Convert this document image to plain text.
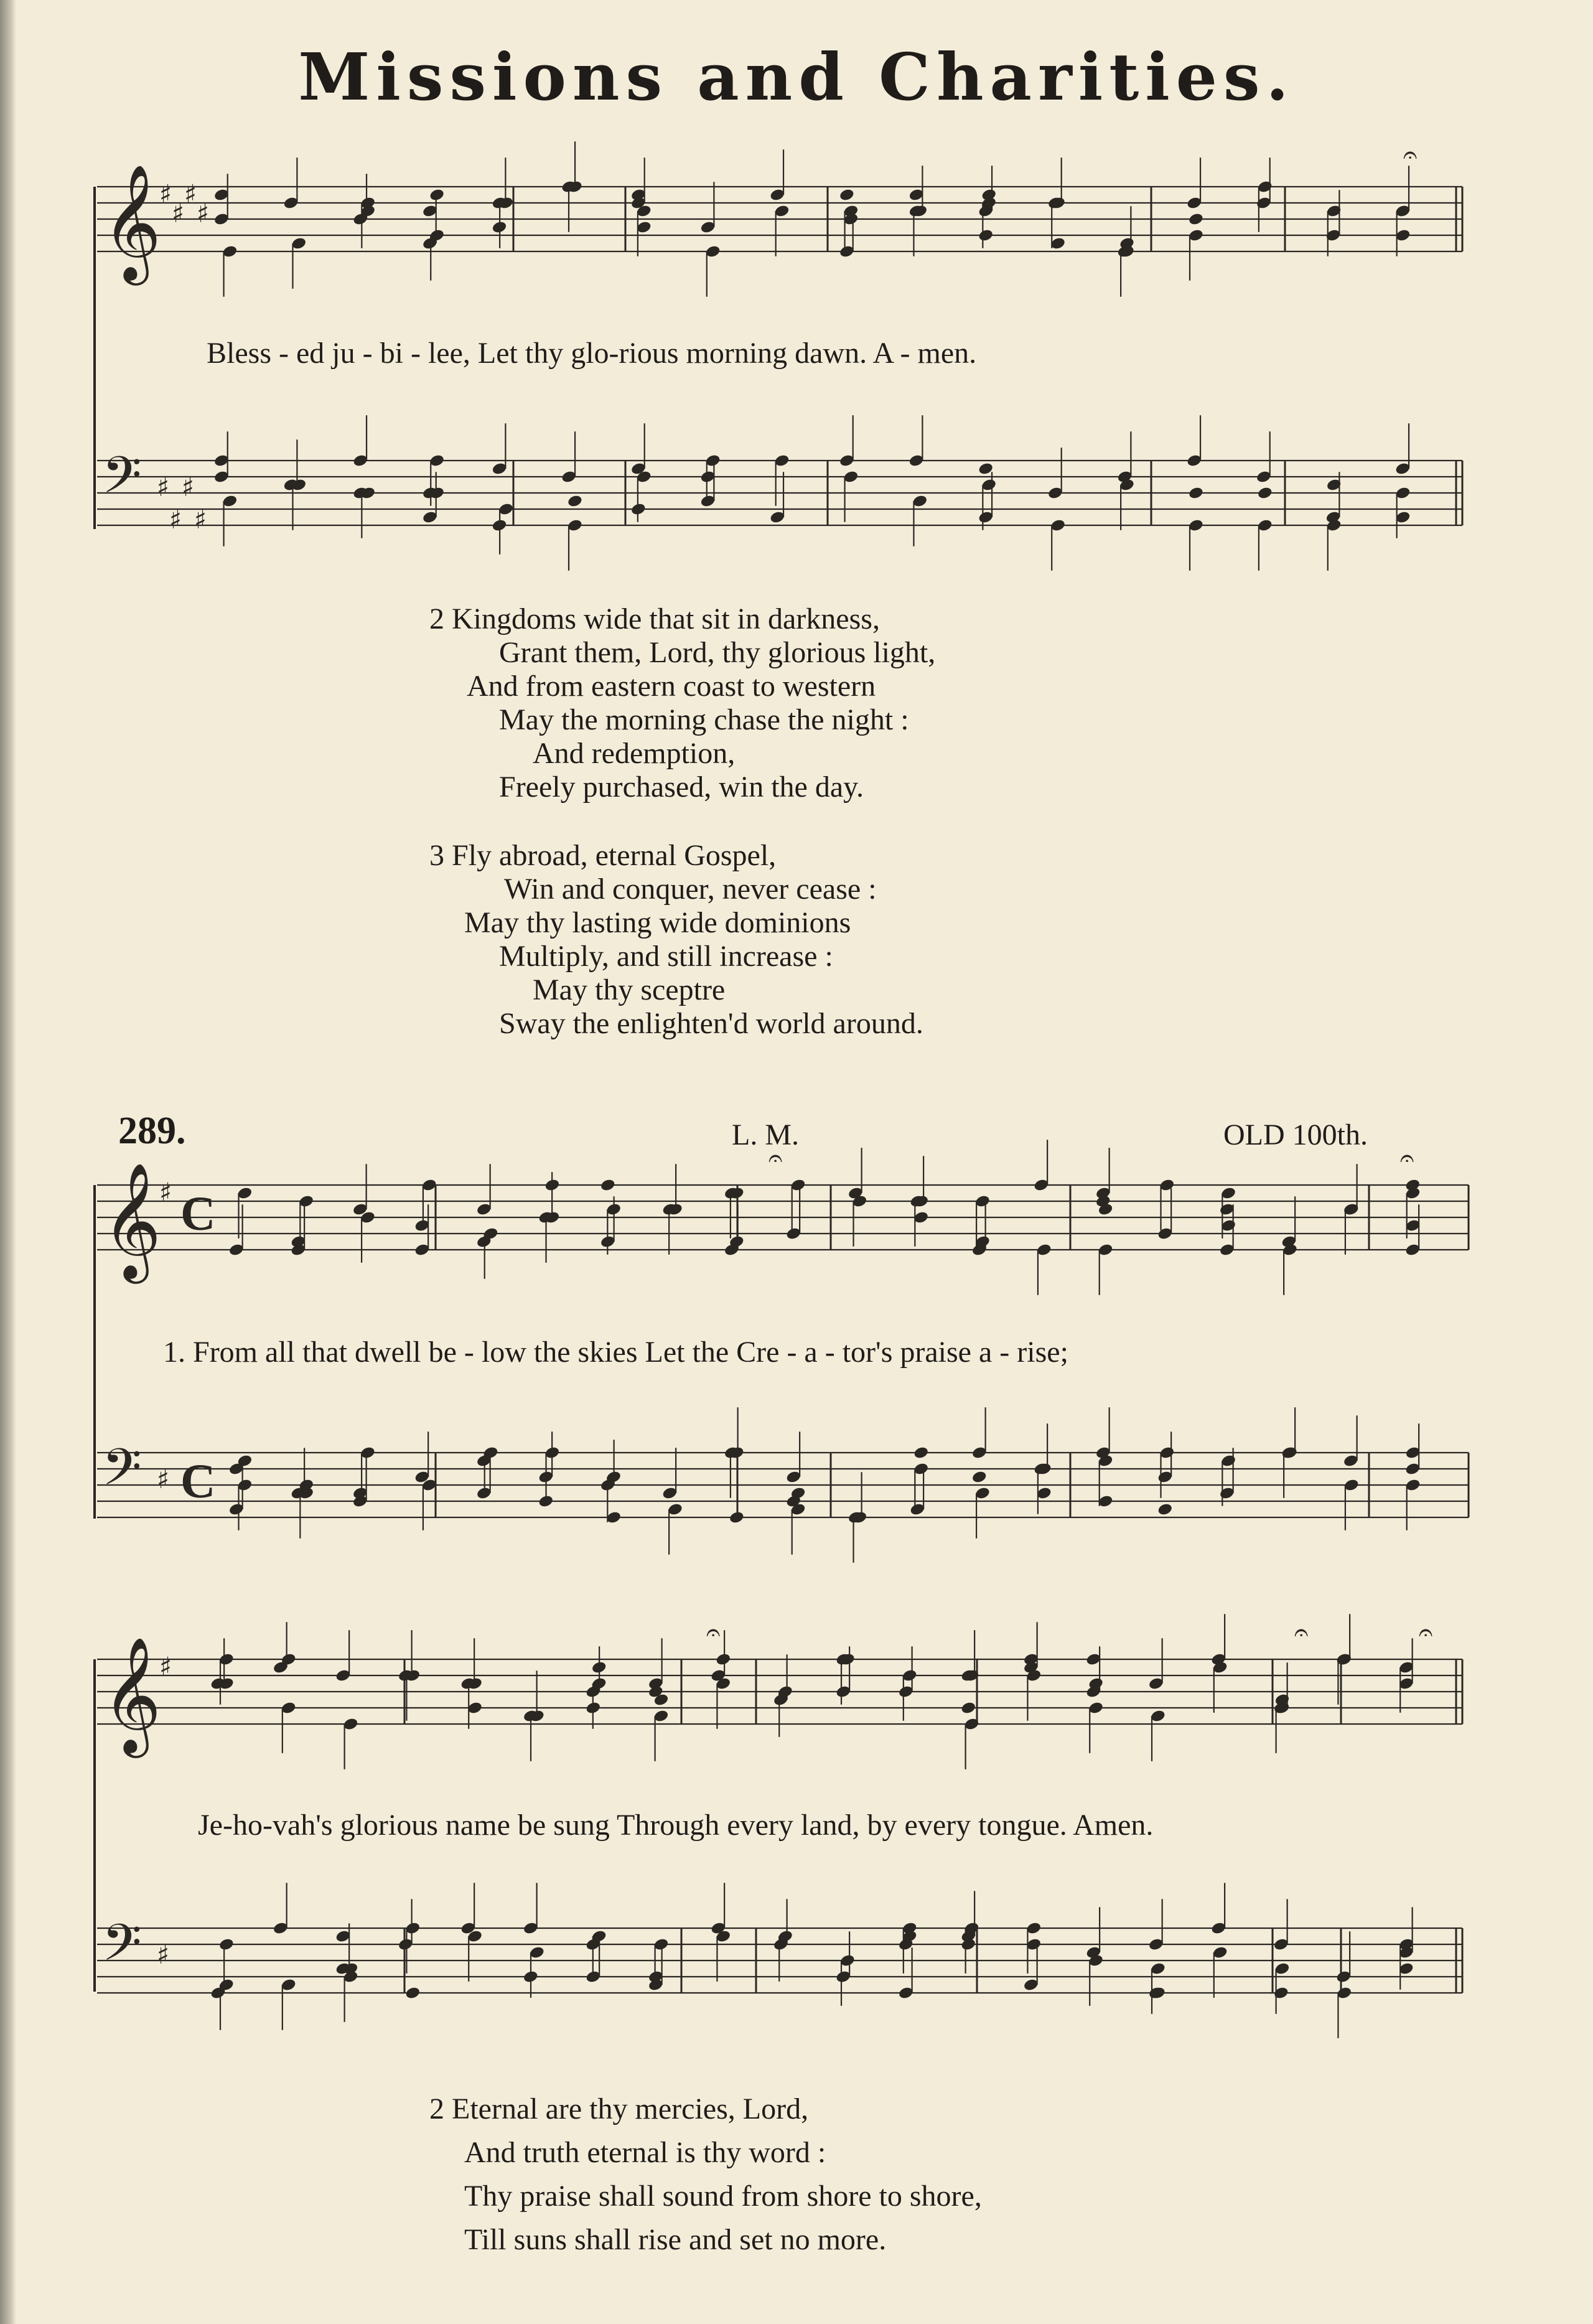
Missions and Charities.
𝄞
♯
♯
♯
♯
𝄢 ♯
♯
♯
♯
𝄞
♯
𝄢 ♯
𝄞
♯
𝄢 ♯
C
C
𝄐
𝄐	𝄐
𝄐	𝄐	𝄐
Bless - ed ju - bi - lee, Let thy glo-rious morning dawn. A - men.
2 Kingdoms wide that sit in darkness,
Grant them, Lord, thy glorious light,
And from eastern coast to western
May the morning chase the night :
And redemption,
Freely purchased, win the day.
3 Fly abroad, eternal Gospel,
Win and conquer, never cease :
May thy lasting wide dominions
Multiply, and still increase :
May thy sceptre
Sway the enlighten'd world around.
289.	L. M.	OLD 100th.
1. From all that dwell be - low the skies Let the Cre - a - tor's praise a - rise;
Je-ho-vah's glorious name be sung Through every land, by every tongue. Amen.
2 Eternal are thy mercies, Lord,
And truth eternal is thy word :
Thy praise shall sound from shore to shore,
Till suns shall rise and set no more.
